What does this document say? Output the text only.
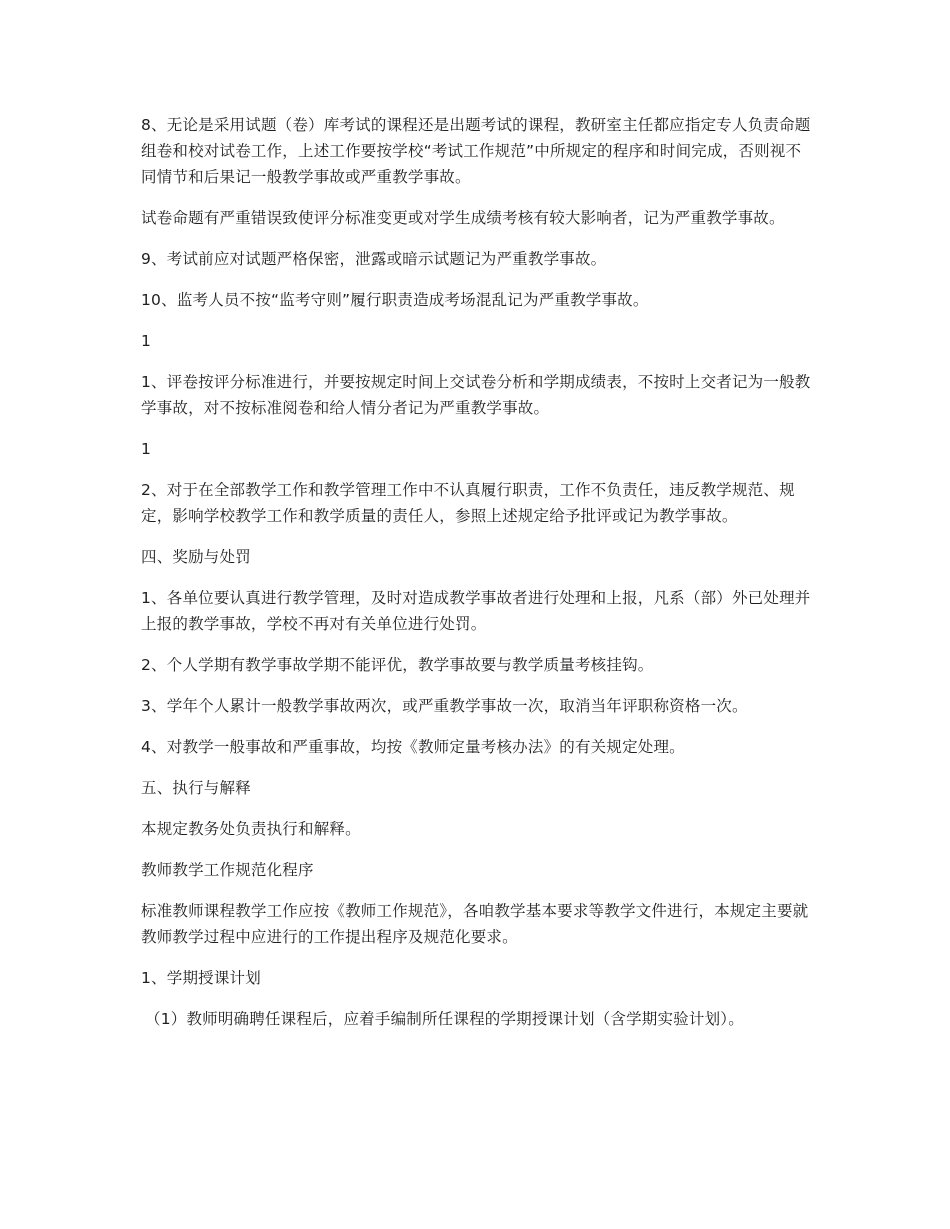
8、无论是采用试题（卷）库考试的课程还是出题考试的课程，教研室主任都应指定专人负责命题组卷和校对试卷工作，上述工作要按学校“考试工作规范”中所规定的程序和时间完成，否则视不同情节和后果记一般教学事故或严重教学事故。

试卷命题有严重错误致使评分标准变更或对学生成绩考核有较大影响者，记为严重教学事故。

9、考试前应对试题严格保密，泄露或暗示试题记为严重教学事故。

10、监考人员不按“监考守则”履行职责造成考场混乱记为严重教学事故。

1

1、评卷按评分标准进行，并要按规定时间上交试卷分析和学期成绩表，不按时上交者记为一般教学事故，对不按标准阅卷和给人情分者记为严重教学事故。

1

2、对于在全部教学工作和教学管理工作中不认真履行职责，工作不负责任，违反教学规范、规定，影响学校教学工作和教学质量的责任人，参照上述规定给予批评或记为教学事故。

四、奖励与处罚

1、各单位要认真进行教学管理，及时对造成教学事故者进行处理和上报，凡系（部）外已处理并上报的教学事故，学校不再对有关单位进行处罚。

2、个人学期有教学事故学期不能评优，教学事故要与教学质量考核挂钩。

3、学年个人累计一般教学事故两次，或严重教学事故一次，取消当年评职称资格一次。

4、对教学一般事故和严重事故，均按《教师定量考核办法》的有关规定处理。

五、执行与解释

本规定教务处负责执行和解释。

教师教学工作规范化程序

标准教师课程教学工作应按《教师工作规范》，各咱教学基本要求等教学文件进行，本规定主要就教师教学过程中应进行的工作提出程序及规范化要求。

1、学期授课计划

（1）教师明确聘任课程后，应着手编制所任课程的学期授课计划（含学期实验计划）。
